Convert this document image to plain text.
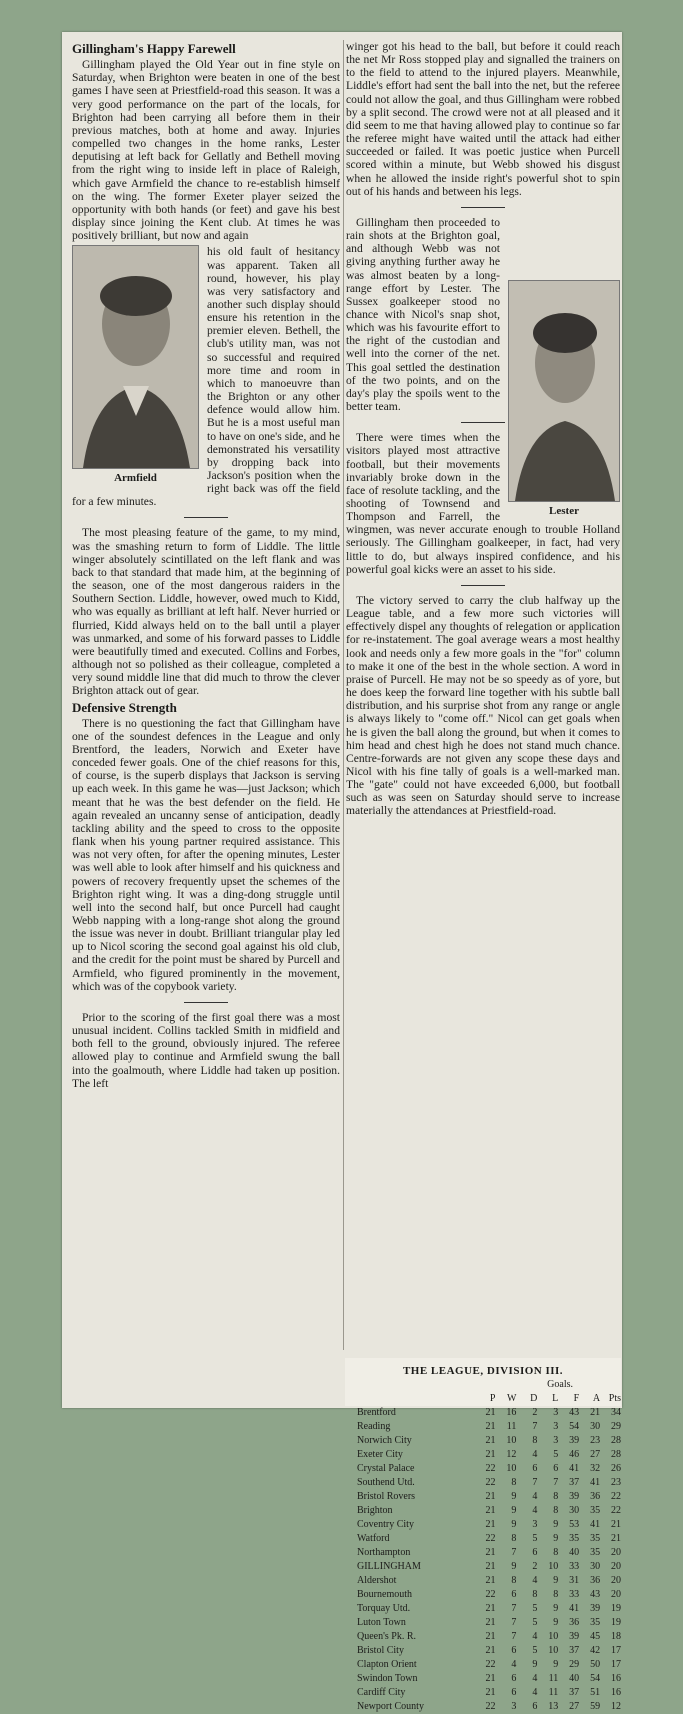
Gillingham's Happy Farewell

Gillingham played the Old Year out in fine style on Saturday, when Brighton were beaten in one of the best games I have seen at Priestfield-road this season. It was a very good performance on the part of the locals, for Brighton had been carrying all before them in their previous matches, both at home and away. Injuries compelled two changes in the home ranks, Lester deputising at left back for Gellatly and Bethell moving from the right wing to inside left in place of Raleigh, which gave Armfield the chance to re-establish himself on the wing. The former Exeter player seized the opportunity with both hands (or feet) and gave his best display since joining the Kent club. At times he was positively brilliant, but now and again

Armfield

his old fault of hesitancy was apparent. Taken all round, however, his play was very satisfactory and another such display should ensure his retention in the premier eleven. Bethell, the club's utility man, was not so successful and required more time and room in which to manoeuvre than the Brighton or any other defence would allow him. But he is a most useful man to have on one's side, and he demonstrated his versatility by dropping back into Jackson's position when the right back was off the field for a few minutes.

The most pleasing feature of the game, to my mind, was the smashing return to form of Liddle. The little winger absolutely scintillated on the left flank and was back to that standard that made him, at the beginning of the season, one of the most dangerous raiders in the Southern Section. Liddle, however, owed much to Kidd, who was equally as brilliant at left half. Never hurried or flurried, Kidd always held on to the ball until a player was unmarked, and some of his forward passes to Liddle were beautifully timed and executed. Collins and Forbes, although not so polished as their colleague, completed a very sound middle line that did much to throw the clever Brighton attack out of gear.

Defensive Strength

There is no questioning the fact that Gillingham have one of the soundest defences in the League and only Brentford, the leaders, Norwich and Exeter have conceded fewer goals. One of the chief reasons for this, of course, is the superb displays that Jackson is serving up each week. In this game he was—just Jackson; which meant that he was the best defender on the field. He again revealed an uncanny sense of anticipation, deadly tackling ability and the speed to cross to the opposite flank when his young partner required assistance. This was not very often, for after the opening minutes, Lester was well able to look after himself and his quickness and powers of recovery frequently upset the schemes of the Brighton right wing. It was a ding-dong struggle until well into the second half, but once Purcell had caught Webb napping with a long-range shot along the ground the issue was never in doubt. Brilliant triangular play led up to Nicol scoring the second goal against his old club, and the credit for the point must be shared by Purcell and Armfield, who figured prominently in the movement, which was of the copybook variety.

Prior to the scoring of the first goal there was a most unusual incident. Collins tackled Smith in midfield and both fell to the ground, obviously injured. The referee allowed play to continue and Armfield swung the ball into the goalmouth, where Liddle had taken up position. The left

winger got his head to the ball, but before it could reach the net Mr Ross stopped play and signalled the trainers on to the field to attend to the injured players. Meanwhile, Liddle's effort had sent the ball into the net, but the referee could not allow the goal, and thus Gillingham were robbed by a split second. The crowd were not at all pleased and it did seem to me that having allowed play to continue so far the referee might have waited until the attack had either succeeded or failed. It was poetic justice when Purcell scored within a minute, but Webb showed his disgust when he allowed the inside right's powerful shot to spin out of his hands and between his legs.

Lester

Gillingham then proceeded to rain shots at the Brighton goal, and although Webb was not giving anything further away he was almost beaten by a long-range effort by Lester. The Sussex goalkeeper stood no chance with Nicol's snap shot, which was his favourite effort to the right of the custodian and well into the corner of the net. This goal settled the destination of the two points, and on the day's play the spoils went to the better team.

There were times when the visitors played most attractive football, but their movements invariably broke down in the face of resolute tackling, and the shooting of Townsend and Thompson and Farrell, the wingmen, was never accurate enough to trouble Holland seriously. The Gillingham goalkeeper, in fact, had very little to do, but always inspired confidence, and his powerful goal kicks were an asset to his side.

The victory served to carry the club halfway up the League table, and a few more such victories will effectively dispel any thoughts of relegation or application for re-instatement. The goal average wears a most healthy look and needs only a few more goals in the "for" column to make it one of the best in the whole section. A word in praise of Purcell. He may not be so speedy as of yore, but he does keep the forward line together with his subtle ball distribution, and his surprise shot from any range or angle is always likely to "come off." Nicol can get goals when he is given the ball along the ground, but when it comes to him head and chest high he does not stand much chance. Centre-forwards are not given any scope these days and Nicol with his fine tally of goals is a well-marked man. The "gate" could not have exceeded 6,000, but football such as was seen on Saturday should serve to increase materially the attendances at Priestfield-road.

THE LEAGUE, DIVISION III.
Goals.
P	W	D	L	F	A Pts
Brentford	21	16	2	3	43	21	34
Reading	21	11	7	3	54	30	29
Norwich City	21	10	8	3	39	23	28
Exeter City	21	12	4	5	46	27	28
Crystal Palace	22	10	6	6	41	32	26
Southend Utd.	22	8	7	7	37	41	23
Bristol Rovers	21	9	4	8	39	36	22
Brighton	21	9	4	8	30	35	22
Coventry City	21	9	3	9	53	41	21
Watford	22	8	5	9	35	35	21
Northampton	21	7	6	8	40	35	20
GILLINGHAM	21	9	2	10	33	30	20
Aldershot	21	8	4	9	31	36	20
Bournemouth	22	6	8	8	33	43	20
Torquay Utd.	21	7	5	9	41	39	19
Luton Town	21	7	5	9	36	35	19
Queen's Pk. R.	21	7	4	10	39	45	18
Bristol City	21	6	5	10	37	42	17
Clapton Orient	22	4	9	9	29	50	17
Swindon Town	21	6	4	11	40	54	16
Cardiff City	21	6	4	11	37	51	16
Newport County	22	3	6	13	27	59	12
